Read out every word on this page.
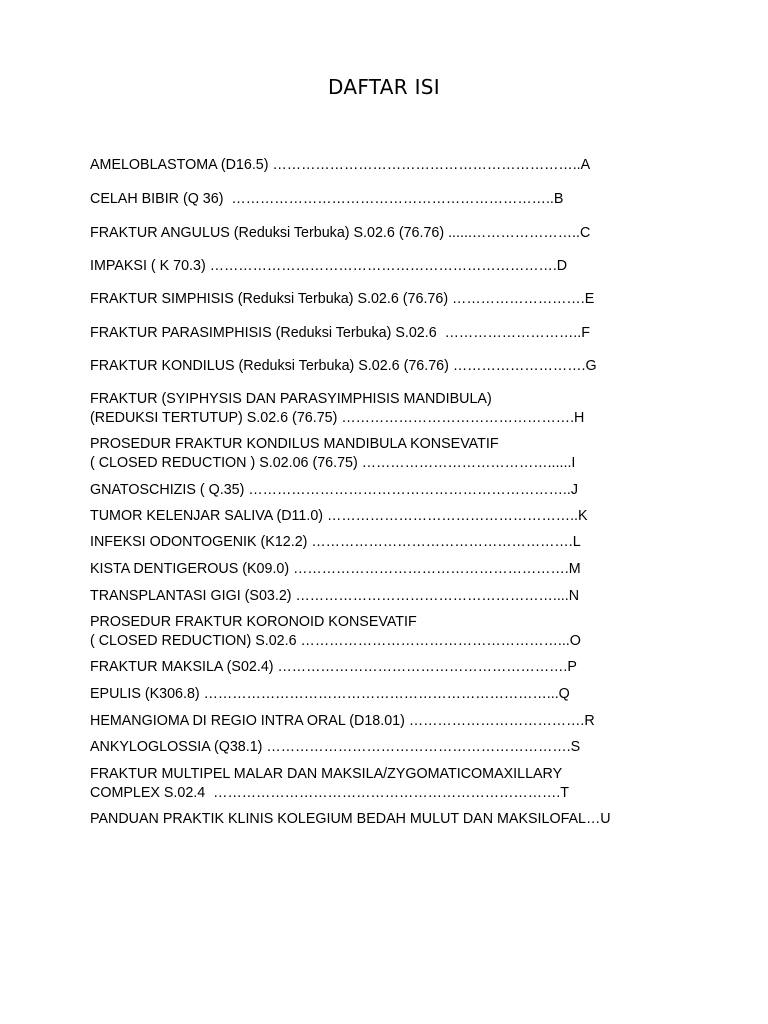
DAFTAR ISI
AMELOBLASTOMA (D16.5) ………………………………………………………..A
CELAH BIBIR (Q 36)  …………………………………………………………..B
FRAKTUR ANGULUS (Reduksi Terbuka) S.02.6 (76.76) ......…………………..C
IMPAKSI ( K 70.3) ……………………………………………………………….D
FRAKTUR SIMPHISIS (Reduksi Terbuka) S.02.6 (76.76) ……………………….E
FRAKTUR PARASIMPHISIS (Reduksi Terbuka) S.02.6  ………………………..F
FRAKTUR KONDILUS (Reduksi Terbuka) S.02.6 (76.76) ……………………….G
FRAKTUR (SYIPHYSIS DAN PARASYIMPHISIS MANDIBULA)
(REDUKSI TERTUTUP) S.02.6 (76.75) ………………………………………….H
PROSEDUR FRAKTUR KONDILUS MANDIBULA KONSEVATIF
( CLOSED REDUCTION ) S.02.06 (76.75) …………………………………......I
GNATOSCHIZIS ( Q.35) …………………………………………………………..J
TUMOR KELENJAR SALIVA (D11.0) ……………………………………………..K
INFEKSI ODONTOGENIK (K12.2) ……………………………………………….L
KISTA DENTIGEROUS (K09.0) ………………………………………………….M
TRANSPLANTASI GIGI (S03.2) ………………………………………………....N
PROSEDUR FRAKTUR KORONOID KONSEVATIF
( CLOSED REDUCTION) S.02.6 ………………………………………………...O
FRAKTUR MAKSILA (S02.4) …………………………………………………….P
EPULIS (K306.8) ………………………………………………………………...Q
HEMANGIOMA DI REGIO INTRA ORAL (D18.01) ……………………………….R
ANKYLOGLOSSIA (Q38.1) ……………………………………………………….S
FRAKTUR MULTIPEL MALAR DAN MAKSILA/ZYGOMATICOMAXILLARY
COMPLEX S.02.4  ……………………………………………………………….T
PANDUAN PRAKTIK KLINIS KOLEGIUM BEDAH MULUT DAN MAKSILOFAL…U
